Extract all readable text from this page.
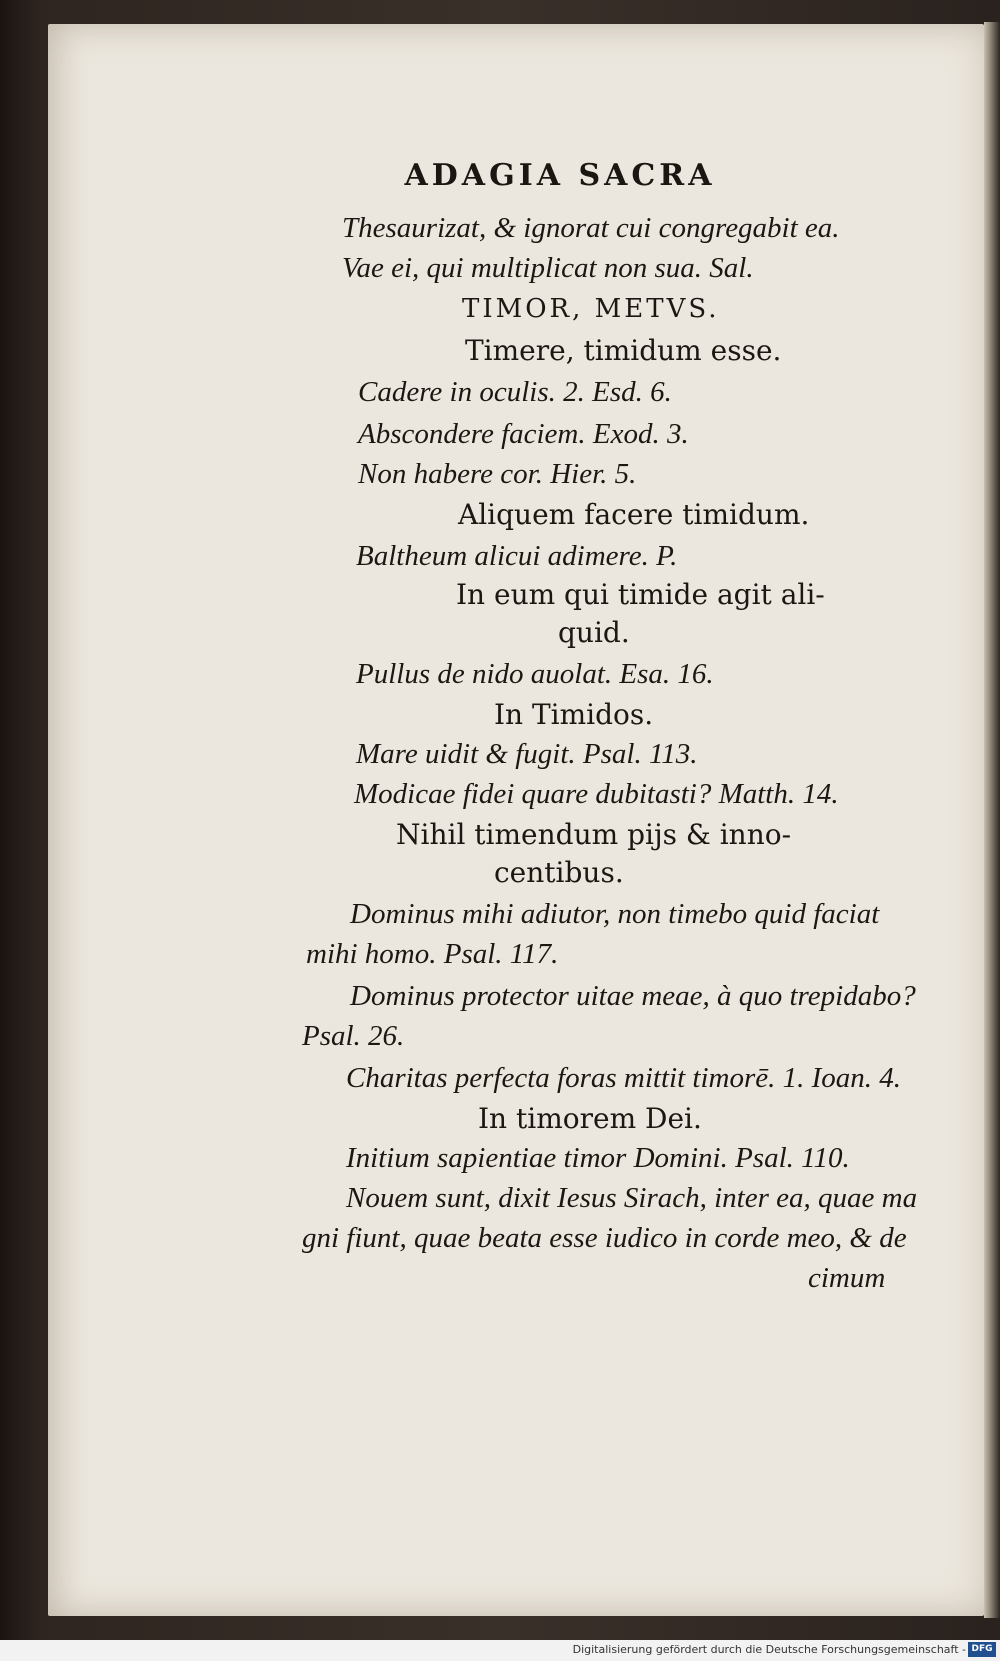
ADAGIA SACRA
Thesaurizat, & ignorat cui congregabit ea.
Vae ei, qui multiplicat non sua. Sal.
TIMOR, METVS.
Timere, timidum esse.
Cadere in oculis. 2. Esd. 6.
Abscondere faciem. Exod. 3.
Non habere cor. Hier. 5.
Aliquem facere timidum.
Baltheum alicui adimere. P.
In eum qui timide agit ali-
quid.
Pullus de nido auolat. Esa. 16.
In Timidos.
Mare uidit & fugit. Psal. 113.
Modicae fidei quare dubitasti? Matth. 14.
Nihil timendum pijs & inno-
centibus.
Dominus mihi adiutor, non timebo quid faciat
mihi homo. Psal. 117.
Dominus protector uitae meae, à quo trepidabo?
Psal. 26.
Charitas perfecta foras mittit timorē. 1. Ioan. 4.
In timorem Dei.
Initium sapientiae timor Domini. Psal. 110.
Nouem sunt, dixit Iesus Sirach, inter ea, quae ma
gni fiunt, quae beata esse iudico in corde meo, & de
cimum
Digitalisierung gefördert durch die Deutsche Forschungsgemeinschaft - DFG
